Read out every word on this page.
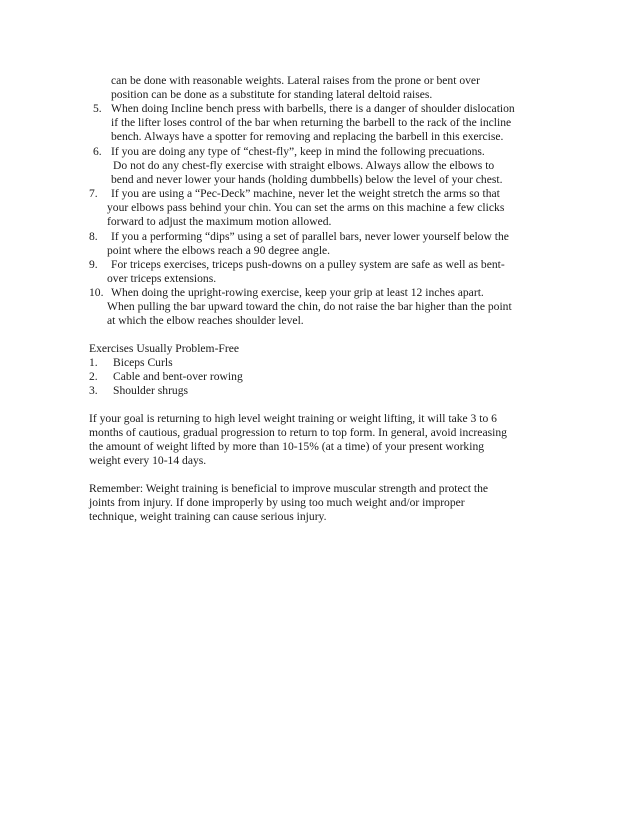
can be done with reasonable weights. Lateral raises from the prone or bent over
position can be done as a substitute for standing lateral deltoid raises.
5. When doing Incline bench press with barbells, there is a danger of shoulder dislocation
if the lifter loses control of the bar when returning the barbell to the rack of the incline
bench. Always have a spotter for removing and replacing the barbell in this exercise.
6. If you are doing any type of “chest-fly”, keep in mind the following precuations.
Do not do any chest-fly exercise with straight elbows. Always allow the elbows to
bend and never lower your hands (holding dumbbells) below the level of your chest.
7. If you are using a “Pec-Deck” machine, never let the weight stretch the arms so that
your elbows pass behind your chin. You can set the arms on this machine a few clicks
forward to adjust the maximum motion allowed.
8. If you a performing “dips” using a set of parallel bars, never lower yourself below the
point where the elbows reach a 90 degree angle.
9. For triceps exercises, triceps push-downs on a pulley system are safe as well as bent-
over triceps extensions.
10. When doing the upright-rowing exercise, keep your grip at least 12 inches apart.
When pulling the bar upward toward the chin, do not raise the bar higher than the point
at which the elbow reaches shoulder level.
Exercises Usually Problem-Free
1. Biceps Curls
2. Cable and bent-over rowing
3. Shoulder shrugs
If your goal is returning to high level weight training or weight lifting, it will take 3 to 6
months of cautious, gradual progression to return to top form. In general, avoid increasing
the amount of weight lifted by more than 10-15% (at a time) of your present working
weight every 10-14 days.
Remember: Weight training is beneficial to improve muscular strength and protect the
joints from injury. If done improperly by using too much weight and/or improper
technique, weight training can cause serious injury.
